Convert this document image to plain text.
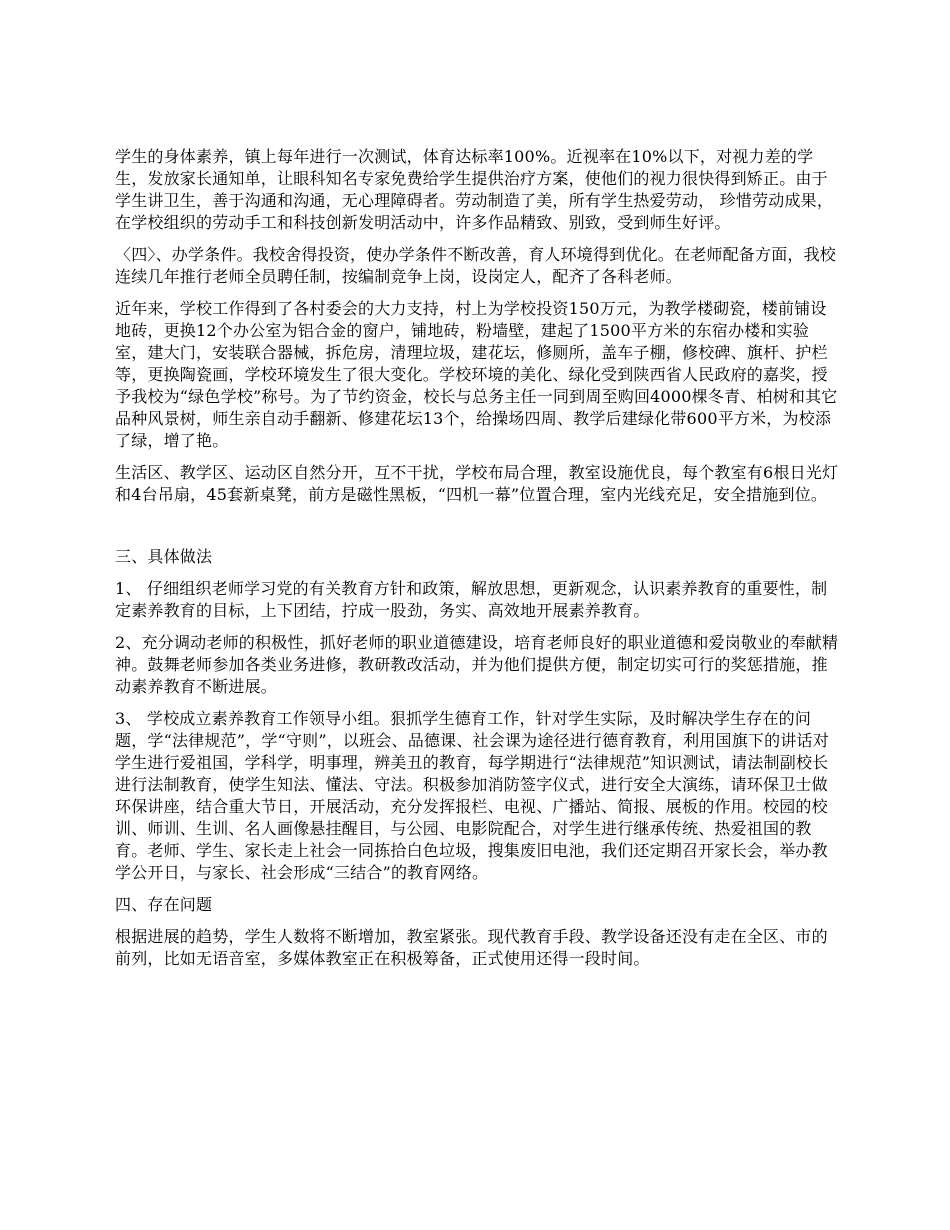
学生的身体素养，镇上每年进行一次测试，体育达标率100%。近视率在10%以下，对视力差的学生，发放家长通知单，让眼科知名专家免费给学生提供治疗方案，使他们的视力很快得到矫正。由于学生讲卫生，善于沟通和沟通，无心理障碍者。劳动制造了美，所有学生热爱劳动， 珍惜劳动成果，在学校组织的劳动手工和科技创新发明活动中，许多作品精致、别致，受到师生好评。

〈四〉、办学条件。我校舍得投资，使办学条件不断改善，育人环境得到优化。在老师配备方面，我校连续几年推行老师全员聘任制，按编制竞争上岗，设岗定人，配齐了各科老师。

近年来，学校工作得到了各村委会的大力支持，村上为学校投资150万元，为教学楼砌瓷，楼前铺设地砖，更换12个办公室为铝合金的窗户，铺地砖，粉墙壁，建起了1500平方米的东宿办楼和实验室，建大门，安装联合器械，拆危房，清理垃圾，建花坛，修厕所，盖车子棚，修校碑、旗杆、护栏等，更换陶瓷画，学校环境发生了很大变化。学校环境的美化、绿化受到陕西省人民政府的嘉奖，授予我校为“绿色学校”称号。为了节约资金，校长与总务主任一同到周至购回4000棵冬青、柏树和其它品种风景树，师生亲自动手翻新、修建花坛13个，给操场四周、教学后建绿化带600平方米，为校添了绿，增了艳。

生活区、教学区、运动区自然分开，互不干扰，学校布局合理，教室设施优良，每个教室有6根日光灯和4台吊扇，45套新桌凳，前方是磁性黑板，“四机一幕”位置合理，室内光线充足，安全措施到位。

三、具体做法

1、 仔细组织老师学习党的有关教育方针和政策，解放思想，更新观念，认识素养教育的重要性，制定素养教育的目标，上下团结，拧成一股劲，务实、高效地开展素养教育。

2、充分调动老师的积极性，抓好老师的职业道德建设，培育老师良好的职业道德和爱岗敬业的奉献精神。鼓舞老师参加各类业务进修，教研教改活动，并为他们提供方便，制定切实可行的奖惩措施，推动素养教育不断进展。

3、 学校成立素养教育工作领导小组。狠抓学生德育工作，针对学生实际，及时解决学生存在的问题，学“法律规范”，学“守则”，以班会、品德课、社会课为途径进行德育教育，利用国旗下的讲话对学生进行爱祖国，学科学，明事理，辨美丑的教育，每学期进行“法律规范”知识测试，请法制副校长进行法制教育，使学生知法、懂法、守法。积极参加消防签字仪式，进行安全大演练，请环保卫士做环保讲座，结合重大节日，开展活动，充分发挥报栏、电视、广播站、简报、展板的作用。校园的校训、师训、生训、名人画像悬挂醒目，与公园、电影院配合，对学生进行继承传统、热爱祖国的教育。老师、学生、家长走上社会一同拣拾白色垃圾，搜集废旧电池，我们还定期召开家长会，举办教学公开日，与家长、社会形成“三结合”的教育网络。

四、存在问题

根据进展的趋势，学生人数将不断增加，教室紧张。现代教育手段、教学设备还没有走在全区、市的前列，比如无语音室，多媒体教室正在积极筹备，正式使用还得一段时间。
